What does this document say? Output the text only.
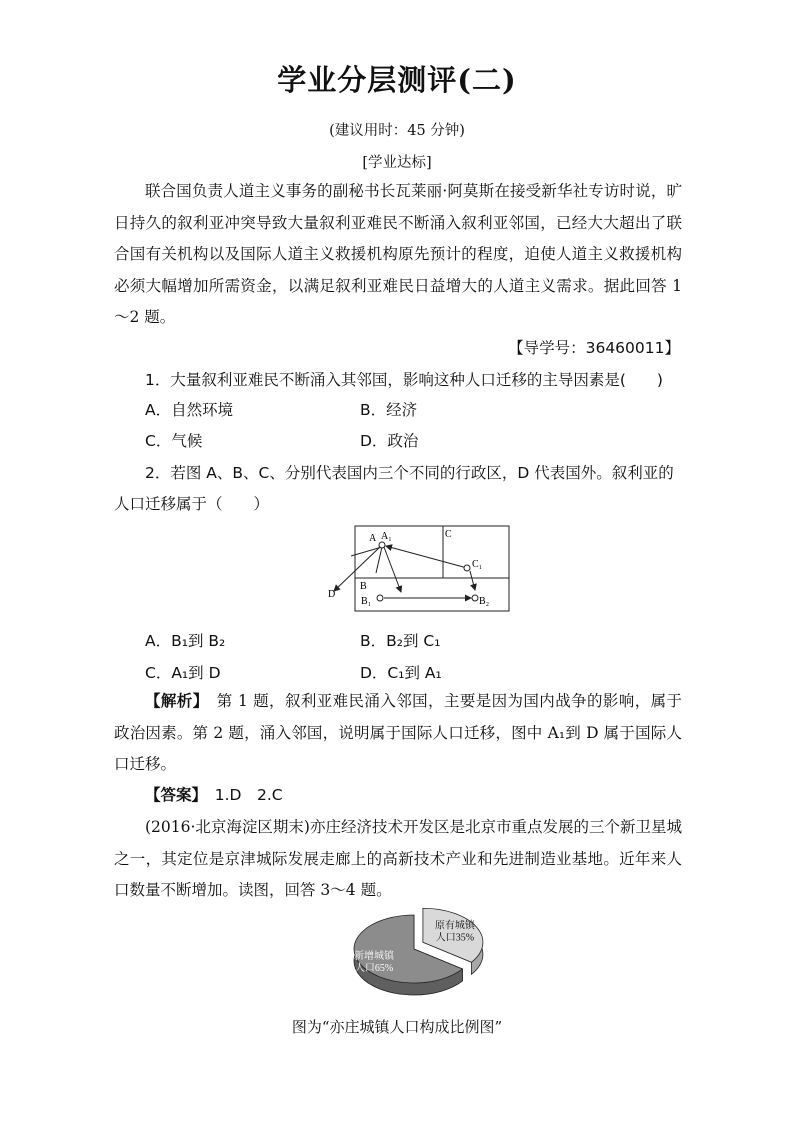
学业分层测评(二)
(建议用时：45 分钟)
[学业达标]

联合国负责人道主义事务的副秘书长瓦莱丽·阿莫斯在接受新华社专访时说，旷日持久的叙利亚冲突导致大量叙利亚难民不断涌入叙利亚邻国，已经大大超出了联合国有关机构以及国际人道主义救援机构原先预计的程度，迫使人道主义救援机构必须大幅增加所需资金，以满足叙利亚难民日益增大的人道主义需求。据此回答 1～2 题。

【导学号：36460011】
1．大量叙利亚难民不断涌入其邻国，影响这种人口迁移的主导因素是(　　)
A．自然环境	B．经济
C．气候	D．政治
2．若图 A、B、C、分别代表国内三个不同的行政区，D 代表国外。叙利亚的
人口迁移属于（　　）
A A₁	C
C₁
B
B₁	B₂
D
A．B₁到 B₂	B．B₂到 C₁
C．A₁到 D	D．C₁到 A₁

【解析】　第 1 题，叙利亚难民涌入邻国，主要是因为国内战争的影响，属于政治因素。第 2 题，涌入邻国，说明属于国际人口迁移，图中 A₁到 D 属于国际人口迁移。

【答案】　1.D　2.C

(2016·北京海淀区期末)亦庄经济技术开发区是北京市重点发展的三个新卫星城之一，其定位是京津城际发展走廊上的高新技术产业和先进制造业基地。近年来人口数量不断增加。读图，回答 3～4 题。

新增城镇
人口65%
原有城镇
人口35%
图为“亦庄城镇人口构成比例图”
